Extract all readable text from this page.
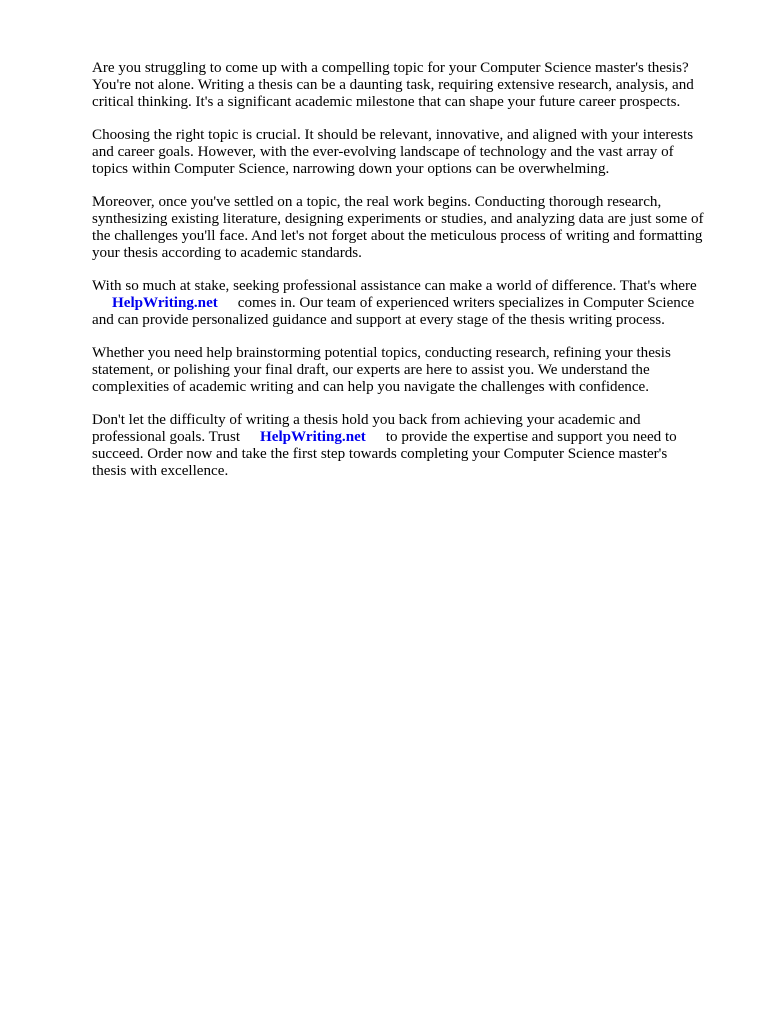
Are you struggling to come up with a compelling topic for your Computer Science master's thesis?
You're not alone. Writing a thesis can be a daunting task, requiring extensive research, analysis, and
critical thinking. It's a significant academic milestone that can shape your future career prospects.

Choosing the right topic is crucial. It should be relevant, innovative, and aligned with your interests
and career goals. However, with the ever-evolving landscape of technology and the vast array of
topics within Computer Science, narrowing down your options can be overwhelming.

Moreover, once you've settled on a topic, the real work begins. Conducting thorough research,
synthesizing existing literature, designing experiments or studies, and analyzing data are just some of
the challenges you'll face. And let's not forget about the meticulous process of writing and formatting
your thesis according to academic standards.

With so much at stake, seeking professional assistance can make a world of difference. That's where
HelpWriting.net comes in. Our team of experienced writers specializes in Computer Science
and can provide personalized guidance and support at every stage of the thesis writing process.

Whether you need help brainstorming potential topics, conducting research, refining your thesis
statement, or polishing your final draft, our experts are here to assist you. We understand the
complexities of academic writing and can help you navigate the challenges with confidence.

Don't let the difficulty of writing a thesis hold you back from achieving your academic and
professional goals. Trust HelpWriting.net to provide the expertise and support you need to
succeed. Order now and take the first step towards completing your Computer Science master's
thesis with excellence.
